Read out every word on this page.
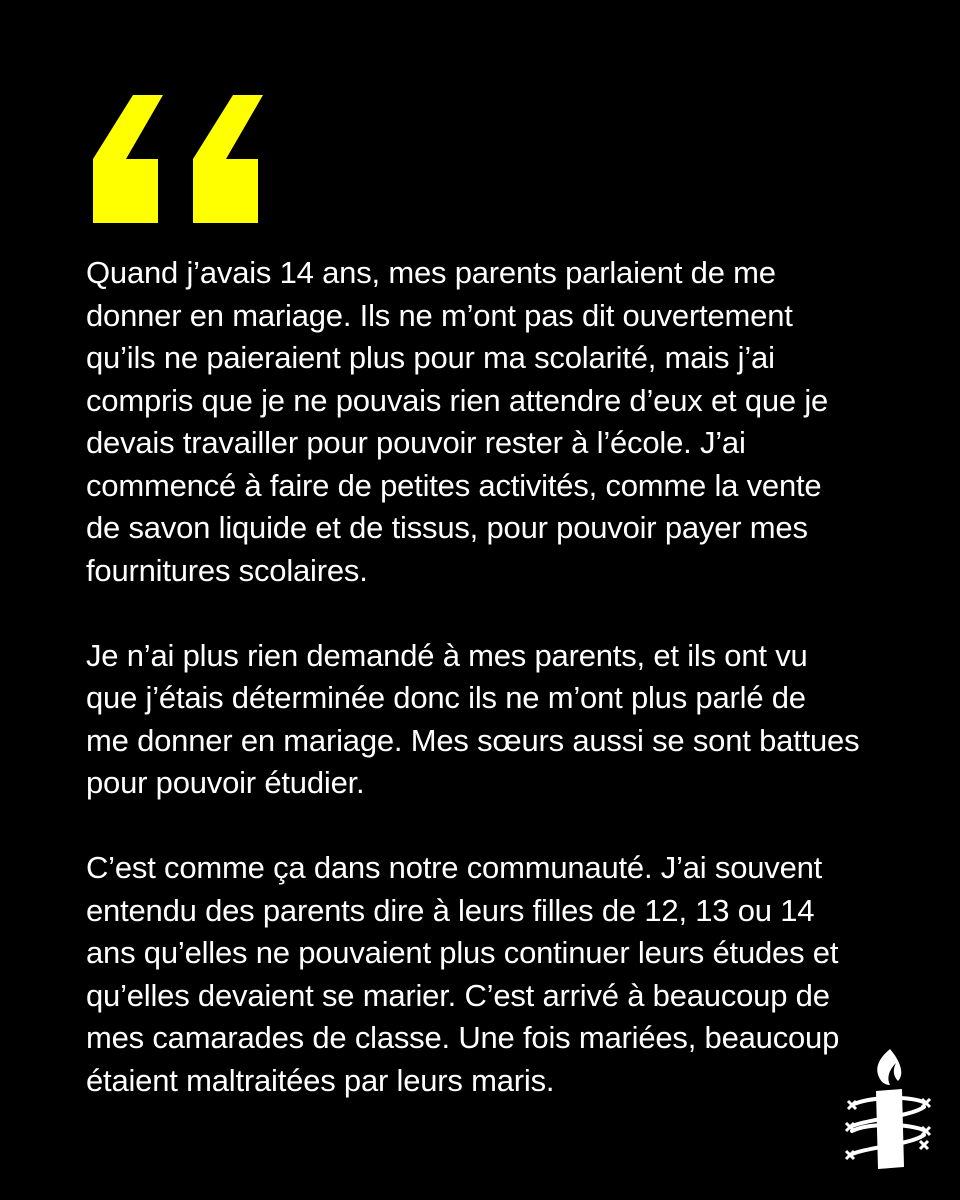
Quand j’avais 14 ans, mes parents parlaient de me
donner en mariage. Ils ne m’ont pas dit ouvertement
qu’ils ne paieraient plus pour ma scolarité, mais j’ai
compris que je ne pouvais rien attendre d’eux et que je
devais travailler pour pouvoir rester à l’école. J’ai
commencé à faire de petites activités, comme la vente
de savon liquide et de tissus, pour pouvoir payer mes
fournitures scolaires.

Je n’ai plus rien demandé à mes parents, et ils ont vu
que j’étais déterminée donc ils ne m’ont plus parlé de
me donner en mariage. Mes sœurs aussi se sont battues
pour pouvoir étudier.

C’est comme ça dans notre communauté. J’ai souvent
entendu des parents dire à leurs filles de 12, 13 ou 14
ans qu’elles ne pouvaient plus continuer leurs études et
qu’elles devaient se marier. C’est arrivé à beaucoup de
mes camarades de classe. Une fois mariées, beaucoup
étaient maltraitées par leurs maris.
